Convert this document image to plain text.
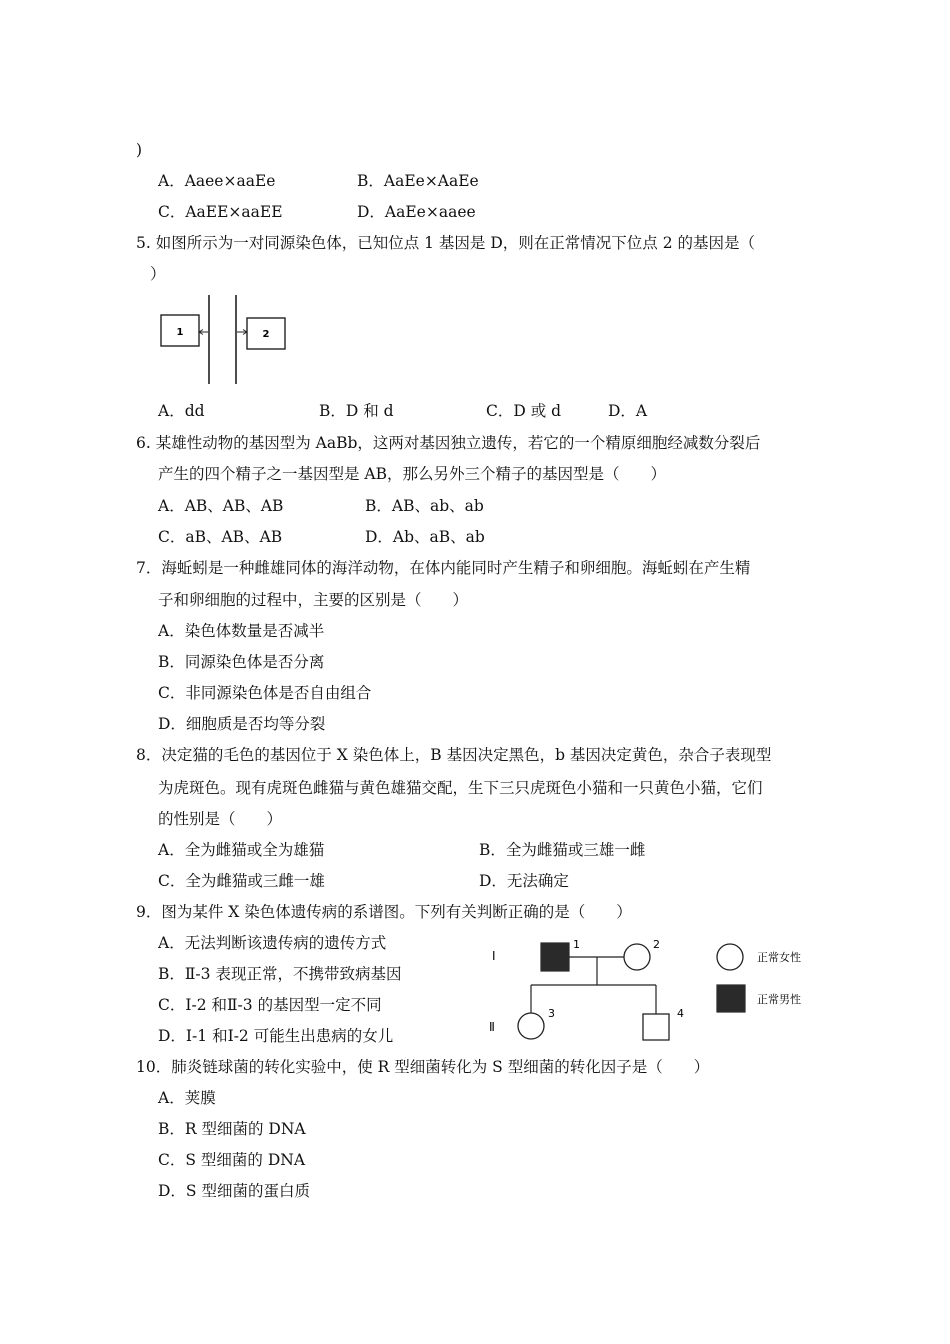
)
A．Aaee×aaEe	B．AaEe×AaEe
C．AaEE×aaEE	D．AaEe×aaee
5. 如图所示为一对同源染色体，已知位点 1 基因是 D，则在正常情况下位点 2 的基因是（
）
1	2
A．dd	B．D 和 d	C．D 或 d	D．A
6. 某雄性动物的基因型为 AaBb，这两对基因独立遗传，若它的一个精原细胞经减数分裂后
产生的四个精子之一基因型是 AB，那么另外三个精子的基因型是（　　）
A．AB、AB、AB	B．AB、ab、ab
C．aB、AB、AB	D．Ab、aB、ab
7．海蚯蚓是一种雌雄同体的海洋动物，在体内能同时产生精子和卵细胞。海蚯蚓在产生精
子和卵细胞的过程中，主要的区别是（　　）
A．染色体数量是否减半
B．同源染色体是否分离
C．非同源染色体是否自由组合
D．细胞质是否均等分裂
8．决定猫的毛色的基因位于 X 染色体上，B 基因决定黑色，b 基因决定黄色，杂合子表现型
为虎斑色。现有虎斑色雌猫与黄色雄猫交配，生下三只虎斑色小猫和一只黄色小猫，它们
的性别是（　　）
A．全为雌猫或全为雄猫	B．全为雌猫或三雄一雌
C．全为雌猫或三雌一雄	D．无法确定
9．图为某件 X 染色体遗传病的系谱图。下列有关判断正确的是（　　）
A．无法判断该遗传病的遗传方式
B．Ⅱ-3 表现正常，不携带致病基因
C．Ⅰ-2 和Ⅱ-3 的基因型一定不同
D．Ⅰ-1 和Ⅰ-2 可能生出患病的女儿
Ⅰ
Ⅱ
1	2
3	4
正常女性
正常男性
10．肺炎链球菌的转化实验中，使 R 型细菌转化为 S 型细菌的转化因子是（　　）
A．荚膜
B．R 型细菌的 DNA
C．S 型细菌的 DNA
D．S 型细菌的蛋白质
